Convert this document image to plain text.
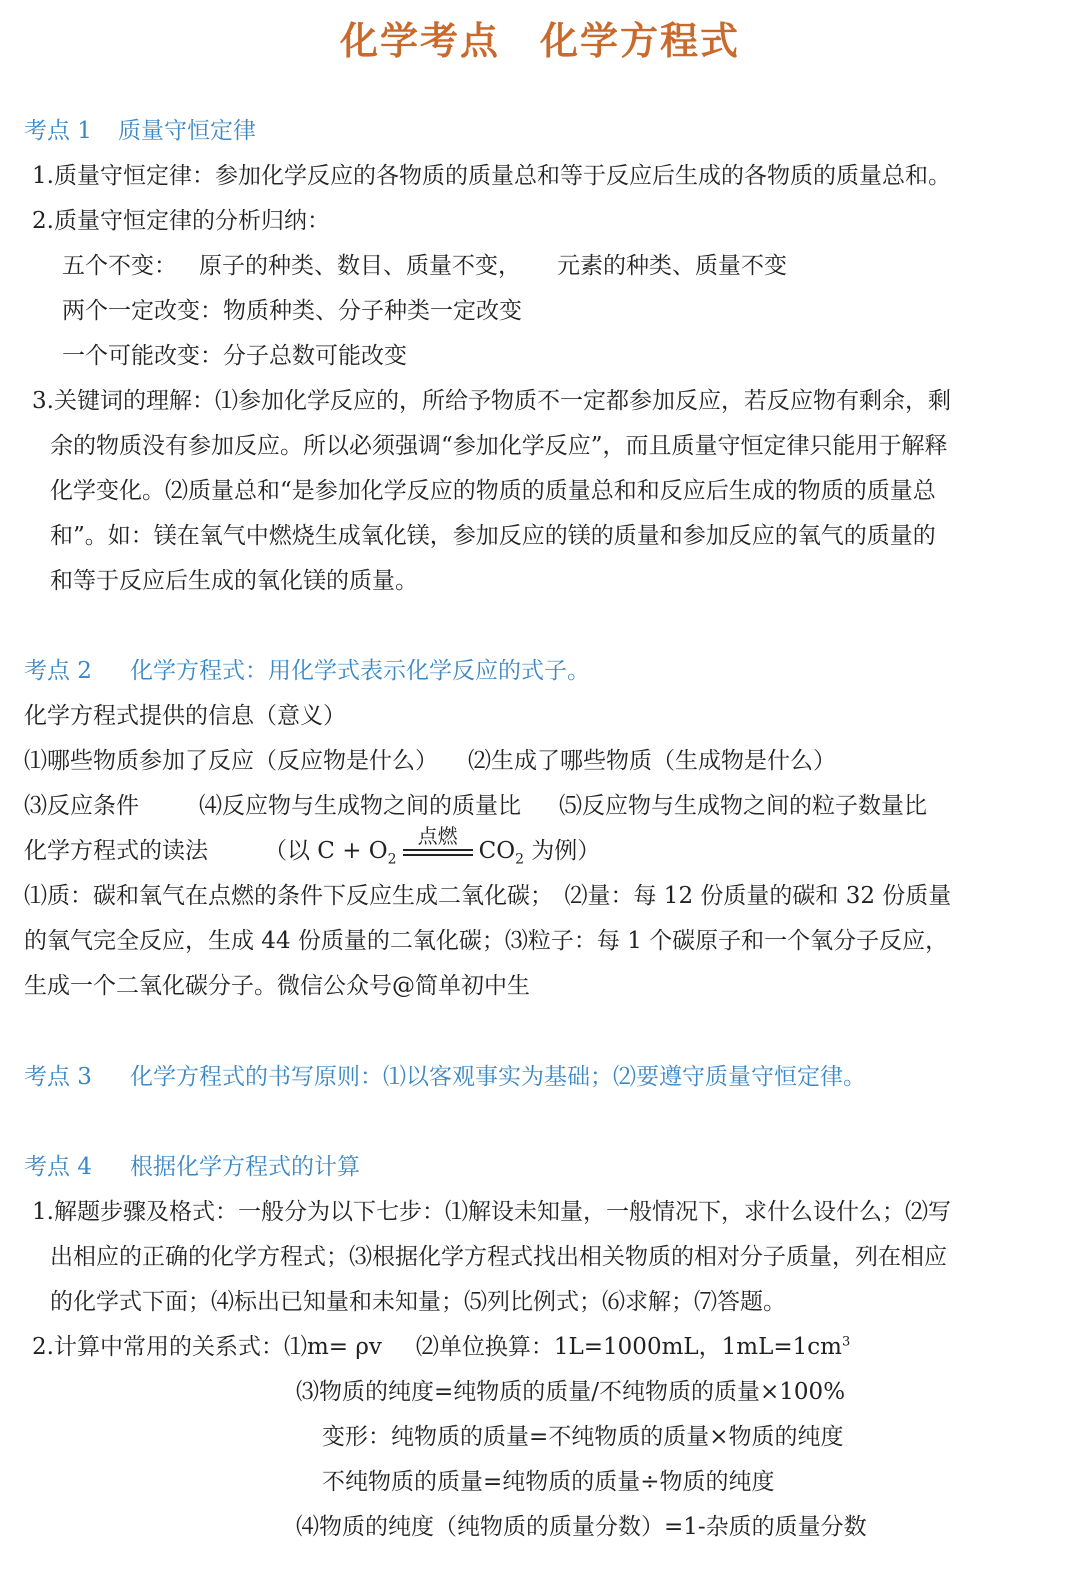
化学考点 化学方程式
考点 1 质量守恒定律
1.质量守恒定律：参加化学反应的各物质的质量总和等于反应后生成的各物质的质量总和。
2.质量守恒定律的分析归纳：
五个不变： 原子的种类、数目、质量不变， 元素的种类、质量不变
两个一定改变：物质种类、分子种类一定改变
一个可能改变：分子总数可能改变
3.关键词的理解：⑴参加化学反应的，所给予物质不一定都参加反应，若反应物有剩余，剩
余的物质没有参加反应。所以必须强调“参加化学反应”，而且质量守恒定律只能用于解释
化学变化。⑵质量总和“是参加化学反应的物质的质量总和和反应后生成的物质的质量总
和”。如：镁在氧气中燃烧生成氧化镁，参加反应的镁的质量和参加反应的氧气的质量的
和等于反应后生成的氧化镁的质量。
考点 2 化学方程式：用化学式表示化学反应的式子。
化学方程式提供的信息（意义）
⑴哪些物质参加了反应（反应物是什么） ⑵生成了哪些物质（生成物是什么）
⑶反应条件	⑷反应物与生成物之间的质量比 ⑸反应物与生成物之间的粒子数量比
化学方程式的读法 （以 $C + O_2$
点燃
$CO_2$ 为例）
⑴质：碳和氧气在点燃的条件下反应生成二氧化碳；　⑵量：每 12 份质量的碳和 32 份质量
的氧气完全反应，生成 44 份质量的二氧化碳；⑶粒子：每 1 个碳原子和一个氧分子反应，
生成一个二氧化碳分子。微信公众号@简单初中生
考点 3 化学方程式的书写原则：⑴以客观事实为基础；⑵要遵守质量守恒定律。
考点 4 根据化学方程式的计算
1.解题步骤及格式：一般分为以下七步：⑴解设未知量，一般情况下，求什么设什么；⑵写
出相应的正确的化学方程式；⑶根据化学方程式找出相关物质的相对分子质量，列在相应
的化学式下面；⑷标出已知量和未知量；⑸列比例式；⑹求解；⑺答题。
2.计算中常用的关系式：⑴m= ρv ⑵单位换算：1L=1000mL，$1mL=1cm^3$
⑶物质的纯度=纯物质的质量/不纯物质的质量×100%
变形：纯物质的质量=不纯物质的质量×物质的纯度
不纯物质的质量=纯物质的质量÷物质的纯度
⑷物质的纯度（纯物质的质量分数）=1-杂质的质量分数
